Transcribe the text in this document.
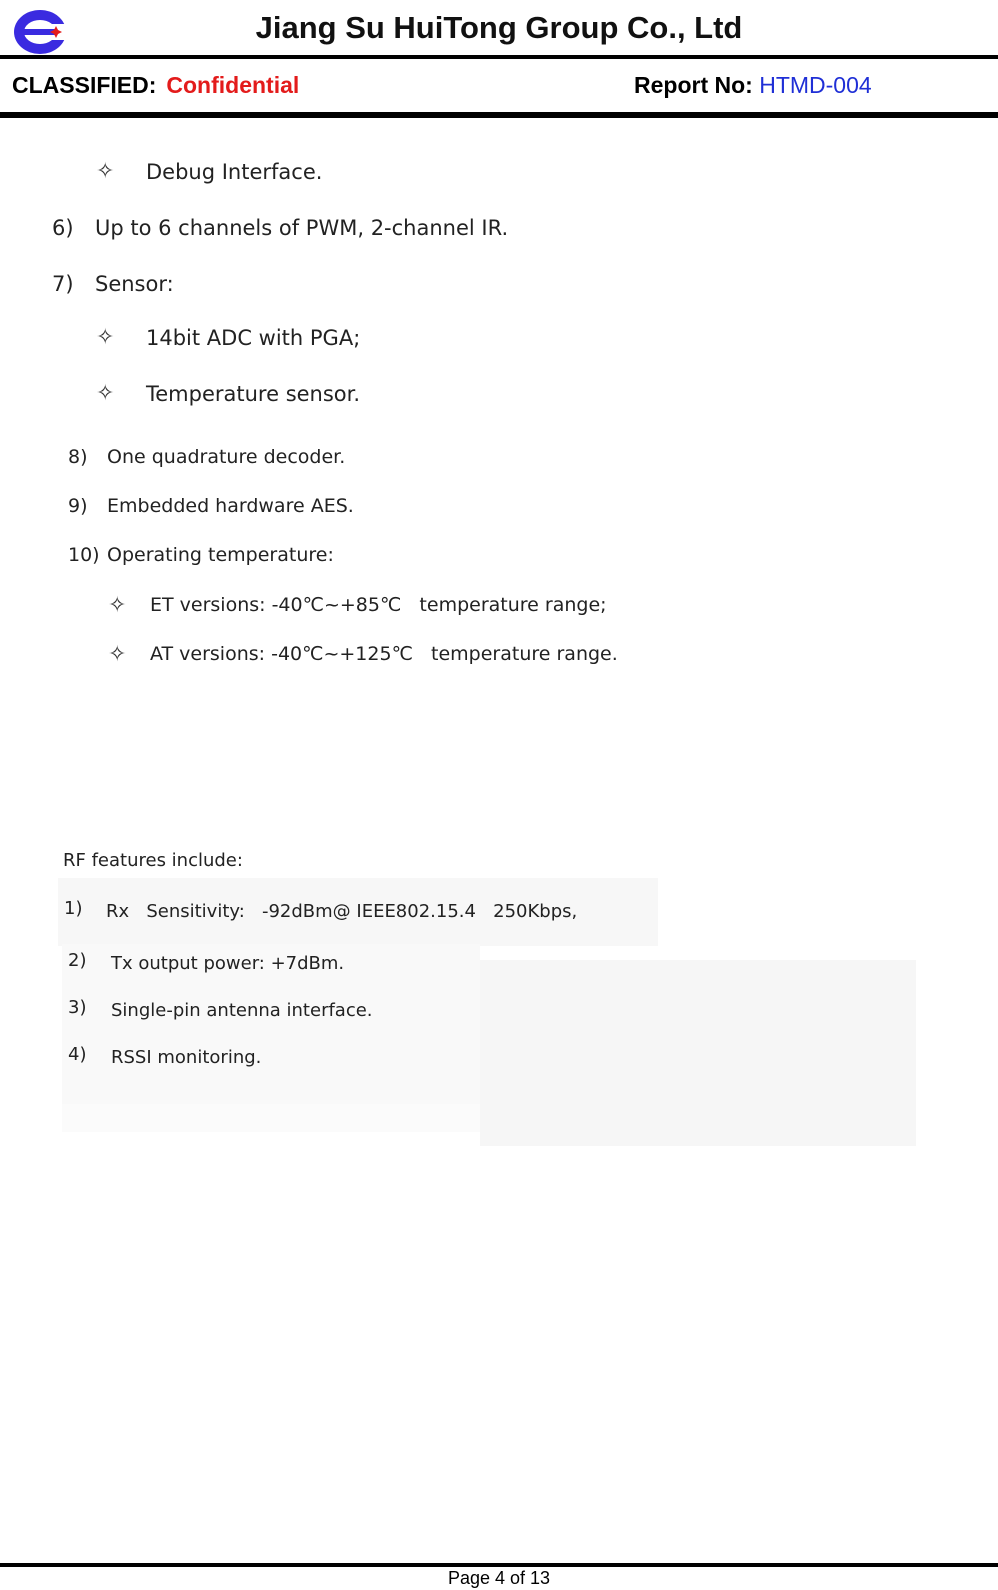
Jiang Su HuiTong Group Co., Ltd
CLASSIFIED: Confidential	Report No: HTMD-004
✧ Debug Interface.
6) Up to 6 channels of PWM, 2-channel IR.
7) Sensor:
✧ 14bit ADC with PGA;
✧ Temperature sensor.
8) One quadrature decoder.
9) Embedded hardware AES.
10) Operating temperature:
✧ ET versions: -40℃~+85℃   temperature range;
✧ AT versions: -40℃~+125℃   temperature range.
RF features include:
1) Rx   Sensitivity:   -92dBm@ IEEE802.15.4   250Kbps,
2) Tx output power: +7dBm.
3) Single-pin antenna interface.
4) RSSI monitoring.
Page 4 of 13
